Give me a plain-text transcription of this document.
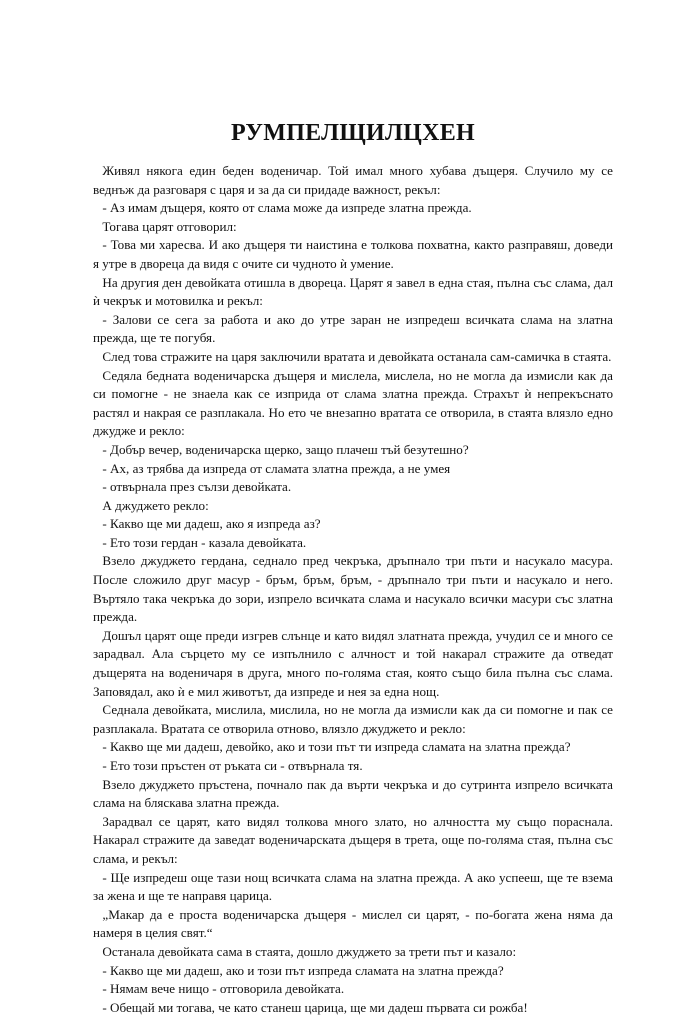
РУМПЕЛЩИЛЦХЕН

Живял някога един беден воденичар. Той имал много хубава дъщеря. Случило му се веднъж да разговаря с царя и за да си придаде важност, рекъл:

- Аз имам дъщеря, която от слама може да изпреде златна прежда.

Тогава царят отговорил:

- Това ми харесва. И ако дъщеря ти наистина е толкова похватна, както разправяш, доведи я утре в двореца да видя с очите си чудното ѝ умение.

На другия ден девойката отишла в двореца. Царят я завел в една стая, пълна със слама, дал ѝ чекрък и мотовилка и рекъл:

- Залови се сега за работа и ако до утре заран не изпредеш всичката слама на златна прежда, ще те погубя.

След това стражите на царя заключили вратата и девойката останала сам-самичка в стаята.

Седяла бедната воденичарска дъщеря и мислела, мислела, но не могла да измисли как да си помогне - не знаела как се изприда от слама златна прежда. Страхът ѝ непрекъснато растял и накрая се разплакала. Но ето че внезапно вратата се отворила, в стаята влязло едно джудже и рекло:

- Добър вечер, воденичарска щерко, защо плачеш тъй безутешно?

- Ах, аз трябва да изпреда от сламата златна прежда, а не умея

- отвърнала през сълзи девойката.

А джуджето рекло:

- Какво ще ми дадеш, ако я изпреда аз?

- Ето този гердан - казала девойката.

Взело джуджето гердана, седнало пред чекръка, дръпнало три пъти и насукало масура. После сложило друг масур - бръм, бръм, бръм, - дръпнало три пъти и насукало и него. Въртяло така чекръка до зори, изпрело всичката слама и насукало всички масури със златна прежда.

Дошъл царят още преди изгрев слънце и като видял златната прежда, учудил се и много се зарадвал. Ала сърцето му се изпълнило с алчност и той накарал стражите да отведат дъщерята на воденичаря в друга, много по-голяма стая, която също била пълна със слама. Заповядал, ако ѝ е мил животът, да изпреде и нея за една нощ.

Седнала девойката, мислила, мислила, но не могла да измисли как да си помогне и пак се разплакала. Вратата се отворила отново, влязло джуджето и рекло:

- Какво ще ми дадеш, девойко, ако и този път ти изпреда сламата на златна прежда?

- Ето този пръстен от ръката си - отвърнала тя.

Взело джуджето пръстена, почнало пак да върти чекръка и до сутринта изпрело всичката слама на бляскава златна прежда.

Зарадвал се царят, като видял толкова много злато, но алчността му също пораснала. Накарал стражите да заведат воденичарската дъщеря в трета, още по-голяма стая, пълна със слама, и рекъл:

- Ще изпредеш още тази нощ всичката слама на златна прежда. А ако успееш, ще те взема за жена и ще те направя царица.

„Макар да е проста воденичарска дъщеря - мислел си царят, - по-богата жена няма да намеря в целия свят.“

Останала девойката сама в стаята, дошло джуджето за трети път и казало:

- Какво ще ми дадеш, ако и този път изпреда сламата на златна прежда?

- Нямам вече нищо - отговорила девойката.

- Обещай ми тогава, че като станеш царица, ще ми дадеш първата си рожба!
